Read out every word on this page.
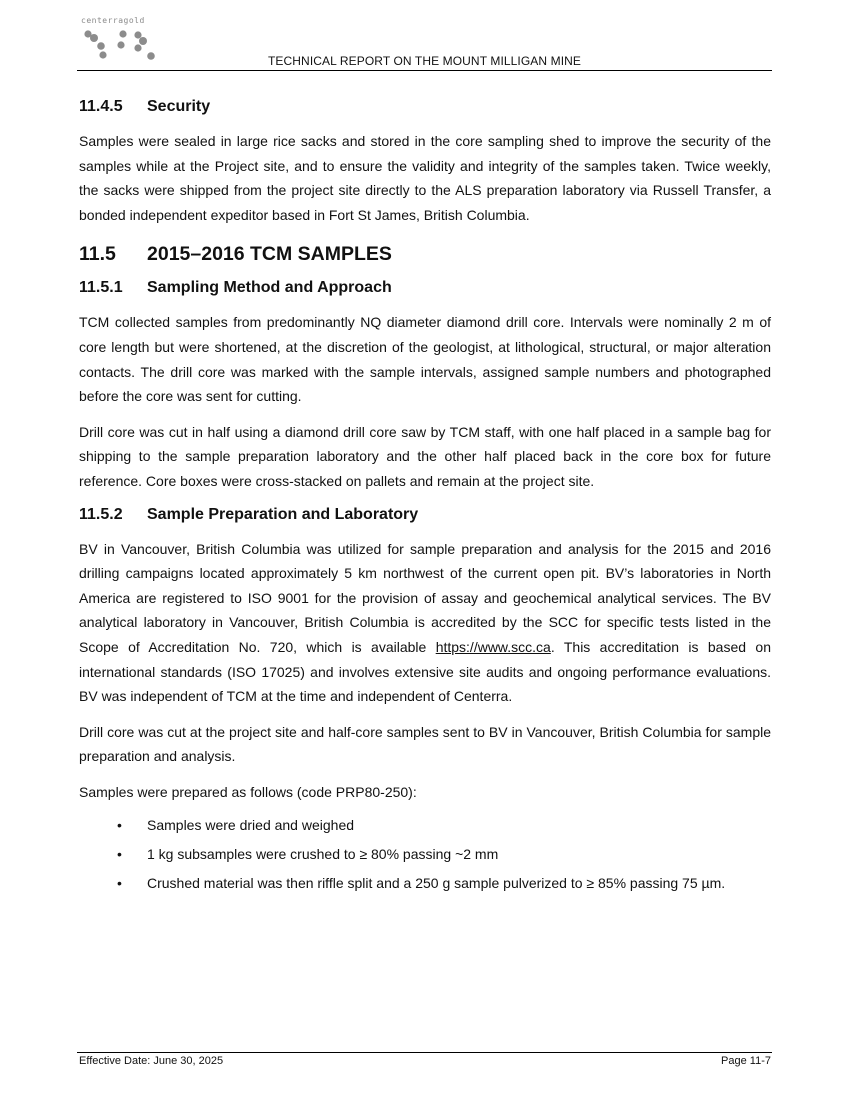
centerragold
TECHNICAL REPORT ON THE MOUNT MILLIGAN MINE
11.4.5 Security

Samples were sealed in large rice sacks and stored in the core sampling shed to improve the security of the samples while at the Project site, and to ensure the validity and integrity of the samples taken. Twice weekly, the sacks were shipped from the project site directly to the ALS preparation laboratory via Russell Transfer, a bonded independent expeditor based in Fort St James, British Columbia.

11.5 2015–2016 TCM SAMPLES
11.5.1 Sampling Method and Approach

TCM collected samples from predominantly NQ diameter diamond drill core. Intervals were nominally 2 m of core length but were shortened, at the discretion of the geologist, at lithological, structural, or major alteration contacts. The drill core was marked with the sample intervals, assigned sample numbers and photographed before the core was sent for cutting.

Drill core was cut in half using a diamond drill core saw by TCM staff, with one half placed in a sample bag for shipping to the sample preparation laboratory and the other half placed back in the core box for future reference. Core boxes were cross-stacked on pallets and remain at the project site.

11.5.2 Sample Preparation and Laboratory

BV in Vancouver, British Columbia was utilized for sample preparation and analysis for the 2015 and 2016 drilling campaigns located approximately 5 km northwest of the current open pit. BV’s laboratories in North America are registered to ISO 9001 for the provision of assay and geochemical analytical services. The BV analytical laboratory in Vancouver, British Columbia is accredited by the SCC for specific tests listed in the Scope of Accreditation No. 720, which is available https://www.scc.ca. This accreditation is based on international standards (ISO 17025) and involves extensive site audits and ongoing performance evaluations. BV was independent of TCM at the time and independent of Centerra.

Drill core was cut at the project site and half-core samples sent to BV in Vancouver, British Columbia for sample preparation and analysis.

Samples were prepared as follows (code PRP80-250):

• Samples were dried and weighed
• 1 kg subsamples were crushed to ≥ 80% passing ~2 mm
• Crushed material was then riffle split and a 250 g sample pulverized to ≥ 85% passing 75 µm.
Effective Date: June 30, 2025	Page 11-7
